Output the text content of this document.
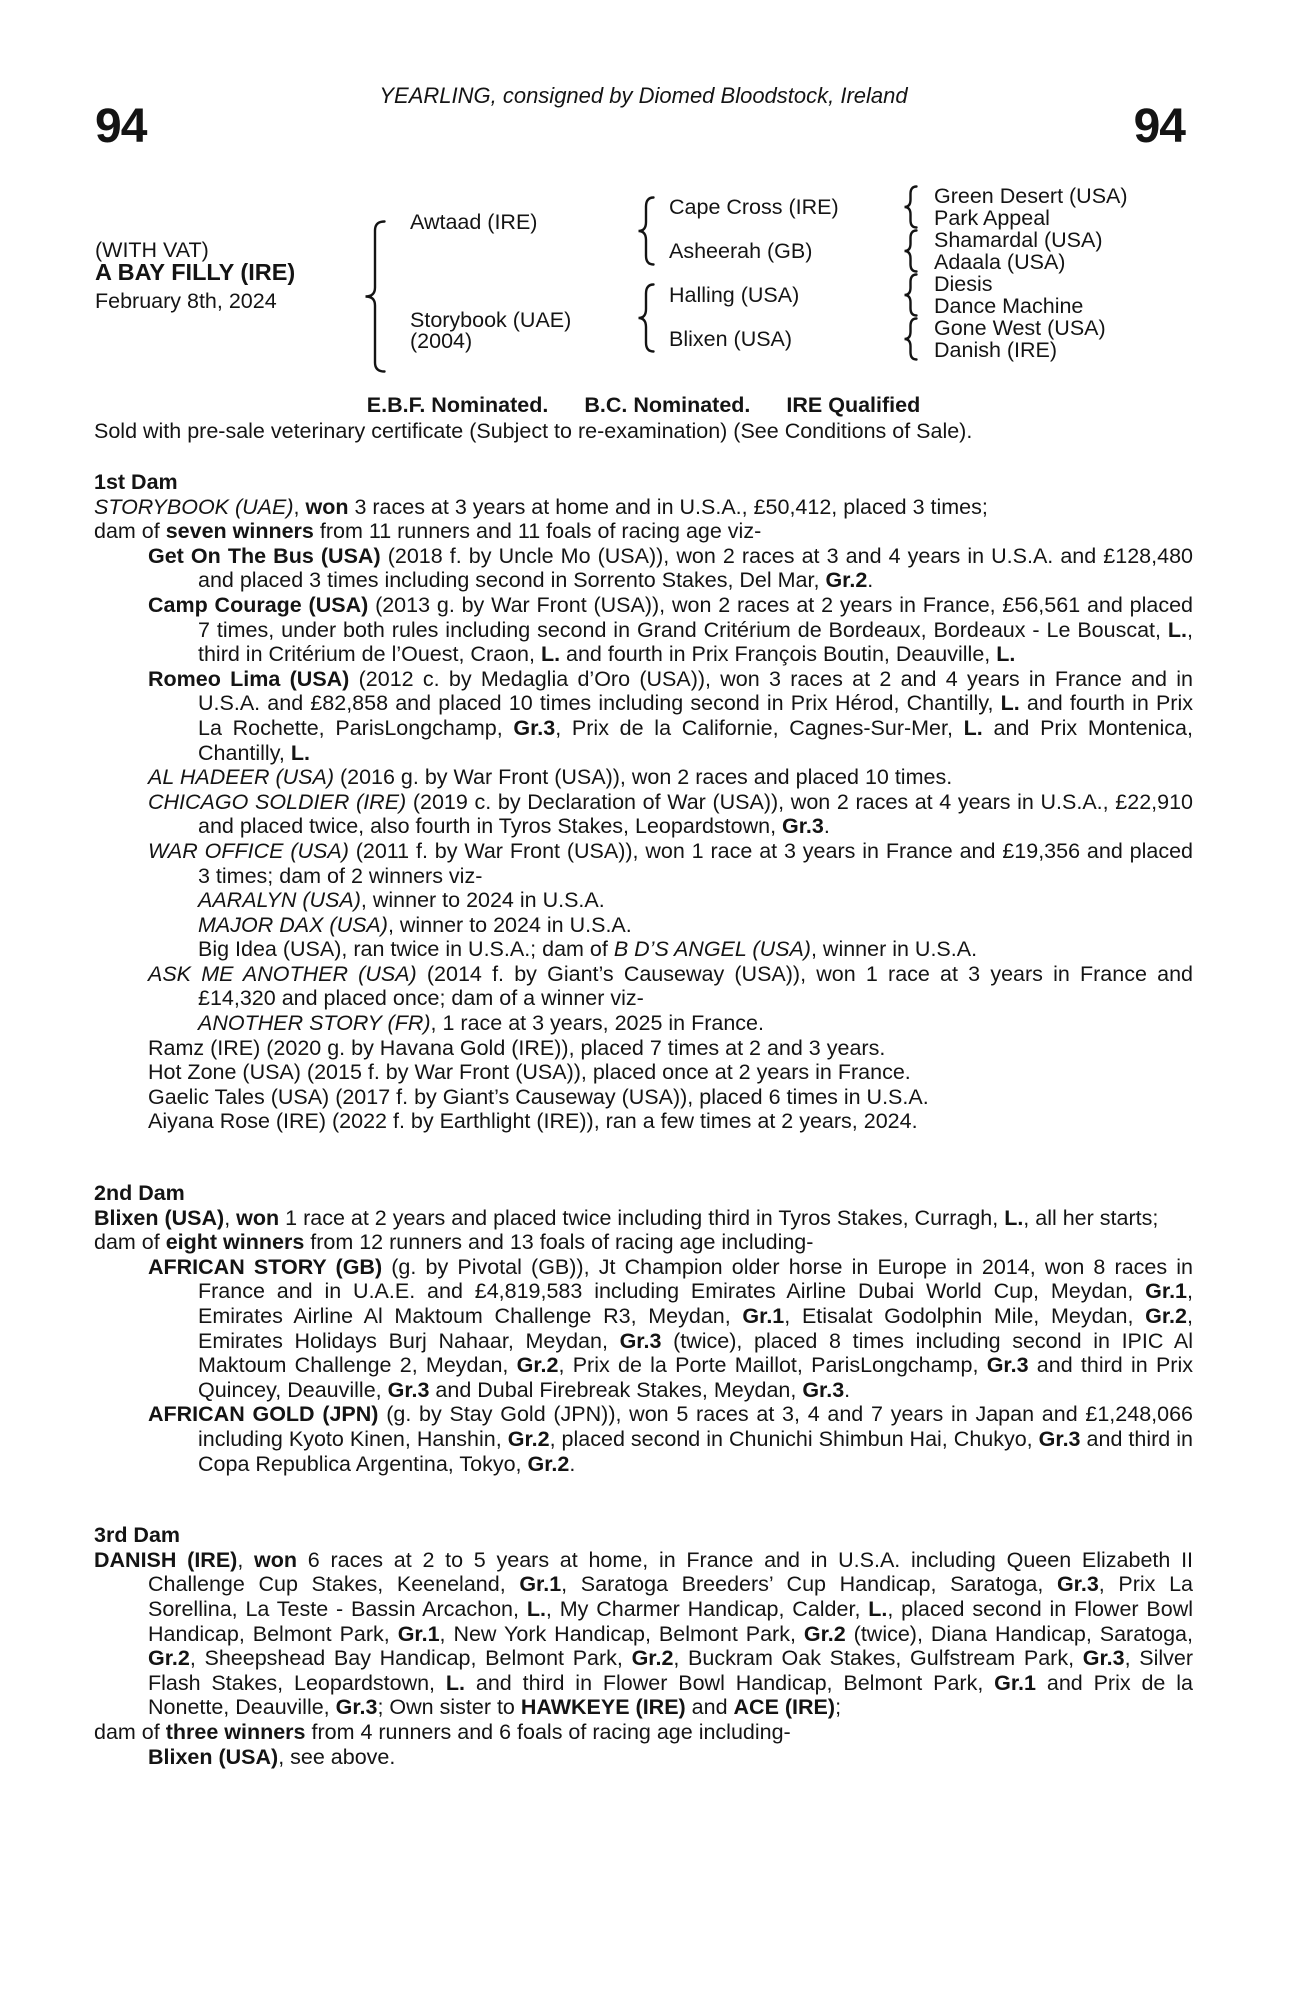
YEARLING, consigned by Diomed Bloodstock, Ireland
94	94
(WITH VAT)
A BAY FILLY (IRE)
February 8th, 2024
Awtaad (IRE)
Storybook (UAE)
(2004)
Cape Cross (IRE)
Asheerah (GB)
Halling (USA)
Blixen (USA)
Green Desert (USA)
Park Appeal
Shamardal (USA)
Adaala (USA)
Diesis
Dance Machine
Gone West (USA)
Danish (IRE)
E.B.F. Nominated. B.C. Nominated. IRE Qualified
Sold with pre-sale veterinary certificate (Subject to re-examination) (See Conditions of Sale).
1st Dam

STORYBOOK (UAE), won 3 races at 3 years at home and in U.S.A., £50,412, placed 3 times;

dam of seven winners from 11 runners and 11 foals of racing age viz-

Get On The Bus (USA) (2018 f. by Uncle Mo (USA)), won 2 races at 3 and 4 years in U.S.A. and £128,480 and placed 3 times including second in Sorrento Stakes, Del Mar, Gr.2.

Camp Courage (USA) (2013 g. by War Front (USA)), won 2 races at 2 years in France, £56,561 and placed 7 times, under both rules including second in Grand Critérium de Bordeaux, Bordeaux - Le Bouscat, L., third in Critérium de l’Ouest, Craon, L. and fourth in Prix François Boutin, Deauville, L.

Romeo Lima (USA) (2012 c. by Medaglia d’Oro (USA)), won 3 races at 2 and 4 years in France and in U.S.A. and £82,858 and placed 10 times including second in Prix Hérod, Chantilly, L. and fourth in Prix La Rochette, ParisLongchamp, Gr.3, Prix de la Californie, Cagnes-Sur-Mer, L. and Prix Montenica, Chantilly, L.

AL HADEER (USA) (2016 g. by War Front (USA)), won 2 races and placed 10 times.

CHICAGO SOLDIER (IRE) (2019 c. by Declaration of War (USA)), won 2 races at 4 years in U.S.A., £22,910 and placed twice, also fourth in Tyros Stakes, Leopardstown, Gr.3.

WAR OFFICE (USA) (2011 f. by War Front (USA)), won 1 race at 3 years in France and £19,356 and placed 3 times; dam of 2 winners viz-

AARALYN (USA), winner to 2024 in U.S.A.

MAJOR DAX (USA), winner to 2024 in U.S.A.

Big Idea (USA), ran twice in U.S.A.; dam of B D’S ANGEL (USA), winner in U.S.A.

ASK ME ANOTHER (USA) (2014 f. by Giant’s Causeway (USA)), won 1 race at 3 years in France and £14,320 and placed once; dam of a winner viz-

ANOTHER STORY (FR), 1 race at 3 years, 2025 in France.

Ramz (IRE) (2020 g. by Havana Gold (IRE)), placed 7 times at 2 and 3 years.

Hot Zone (USA) (2015 f. by War Front (USA)), placed once at 2 years in France.

Gaelic Tales (USA) (2017 f. by Giant’s Causeway (USA)), placed 6 times in U.S.A.

Aiyana Rose (IRE) (2022 f. by Earthlight (IRE)), ran a few times at 2 years, 2024.

2nd Dam

Blixen (USA), won 1 race at 2 years and placed twice including third in Tyros Stakes, Curragh, L., all her starts;

dam of eight winners from 12 runners and 13 foals of racing age including-

AFRICAN STORY (GB) (g. by Pivotal (GB)), Jt Champion older horse in Europe in 2014, won 8 races in France and in U.A.E. and £4,819,583 including Emirates Airline Dubai World Cup, Meydan, Gr.1, Emirates Airline Al Maktoum Challenge R3, Meydan, Gr.1, Etisalat Godolphin Mile, Meydan, Gr.2, Emirates Holidays Burj Nahaar, Meydan, Gr.3 (twice), placed 8 times including second in IPIC Al Maktoum Challenge 2, Meydan, Gr.2, Prix de la Porte Maillot, ParisLongchamp, Gr.3 and third in Prix Quincey, Deauville, Gr.3 and Dubal Firebreak Stakes, Meydan, Gr.3.

AFRICAN GOLD (JPN) (g. by Stay Gold (JPN)), won 5 races at 3, 4 and 7 years in Japan and £1,248,066 including Kyoto Kinen, Hanshin, Gr.2, placed second in Chunichi Shimbun Hai, Chukyo, Gr.3 and third in Copa Republica Argentina, Tokyo, Gr.2.

3rd Dam

DANISH (IRE), won 6 races at 2 to 5 years at home, in France and in U.S.A. including Queen Elizabeth II Challenge Cup Stakes, Keeneland, Gr.1, Saratoga Breeders’ Cup Handicap, Saratoga, Gr.3, Prix La Sorellina, La Teste - Bassin Arcachon, L., My Charmer Handicap, Calder, L., placed second in Flower Bowl Handicap, Belmont Park, Gr.1, New York Handicap, Belmont Park, Gr.2 (twice), Diana Handicap, Saratoga, Gr.2, Sheepshead Bay Handicap, Belmont Park, Gr.2, Buckram Oak Stakes, Gulfstream Park, Gr.3, Silver Flash Stakes, Leopardstown, L. and third in Flower Bowl Handicap, Belmont Park, Gr.1 and Prix de la Nonette, Deauville, Gr.3; Own sister to HAWKEYE (IRE) and ACE (IRE);

dam of three winners from 4 runners and 6 foals of racing age including-

Blixen (USA), see above.
